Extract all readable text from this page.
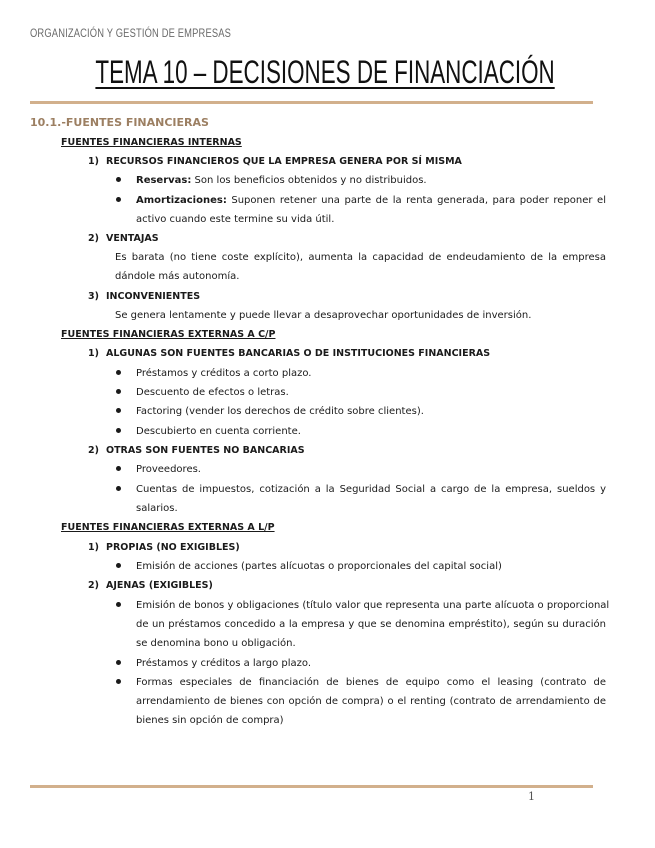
ORGANIZACIÓN Y GESTIÓN DE EMPRESAS
TEMA 10 – DECISIONES DE FINANCIACIÓN
10.1.-FUENTES FINANCIERAS
FUENTES FINANCIERAS INTERNAS
1) RECURSOS FINANCIEROS QUE LA EMPRESA GENERA POR SÍ MISMA
Reservas: Son los beneficios obtenidos y no distribuidos.
Amortizaciones: Suponen retener una parte de la renta generada, para poder reponer el
activo cuando este termine su vida útil.
2) VENTAJAS
Es barata (no tiene coste explícito), aumenta la capacidad de endeudamiento de la empresa
dándole más autonomía.
3) INCONVENIENTES
Se genera lentamente y puede llevar a desaprovechar oportunidades de inversión.
FUENTES FINANCIERAS EXTERNAS A C/P
1) ALGUNAS SON FUENTES BANCARIAS O DE INSTITUCIONES FINANCIERAS
Préstamos y créditos a corto plazo.
Descuento de efectos o letras.
Factoring (vender los derechos de crédito sobre clientes).
Descubierto en cuenta corriente.
2) OTRAS SON FUENTES NO BANCARIAS
Proveedores.
Cuentas de impuestos, cotización a la Seguridad Social a cargo de la empresa, sueldos y
salarios.
FUENTES FINANCIERAS EXTERNAS A L/P
1) PROPIAS (NO EXIGIBLES)
Emisión de acciones (partes alícuotas o proporcionales del capital social)
2) AJENAS (EXIGIBLES)
Emisión de bonos y obligaciones (título valor que representa una parte alícuota o proporcional
de un préstamos concedido a la empresa y que se denomina empréstito), según su duración
se denomina bono u obligación.
Préstamos y créditos a largo plazo.
Formas especiales de financiación de bienes de equipo como el leasing (contrato de
arrendamiento de bienes con opción de compra) o el renting (contrato de arrendamiento de
bienes sin opción de compra)
1
